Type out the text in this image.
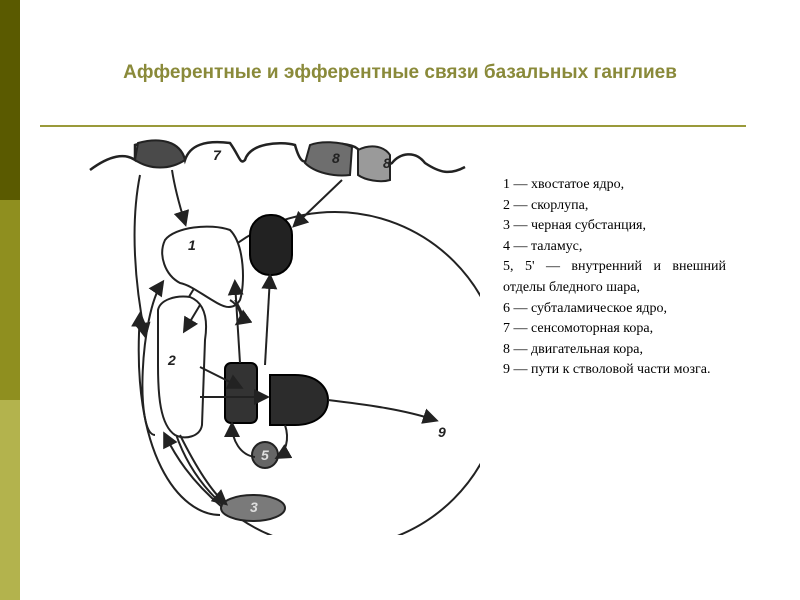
Афферентные и эфферентные связи базальных ганглиев
7
1
2
3
5
8	8
9
1 — хвостатое ядро,
2 — скорлупа,
3 — черная субстанция,
4 — таламус,
5, 5' — внутренний и внешний отделы бледного шара,
6 — субталамическое ядро,
7 — сенсомоторная кора,
8 — двигательная кора,
9 — пути к стволовой части мозга.
